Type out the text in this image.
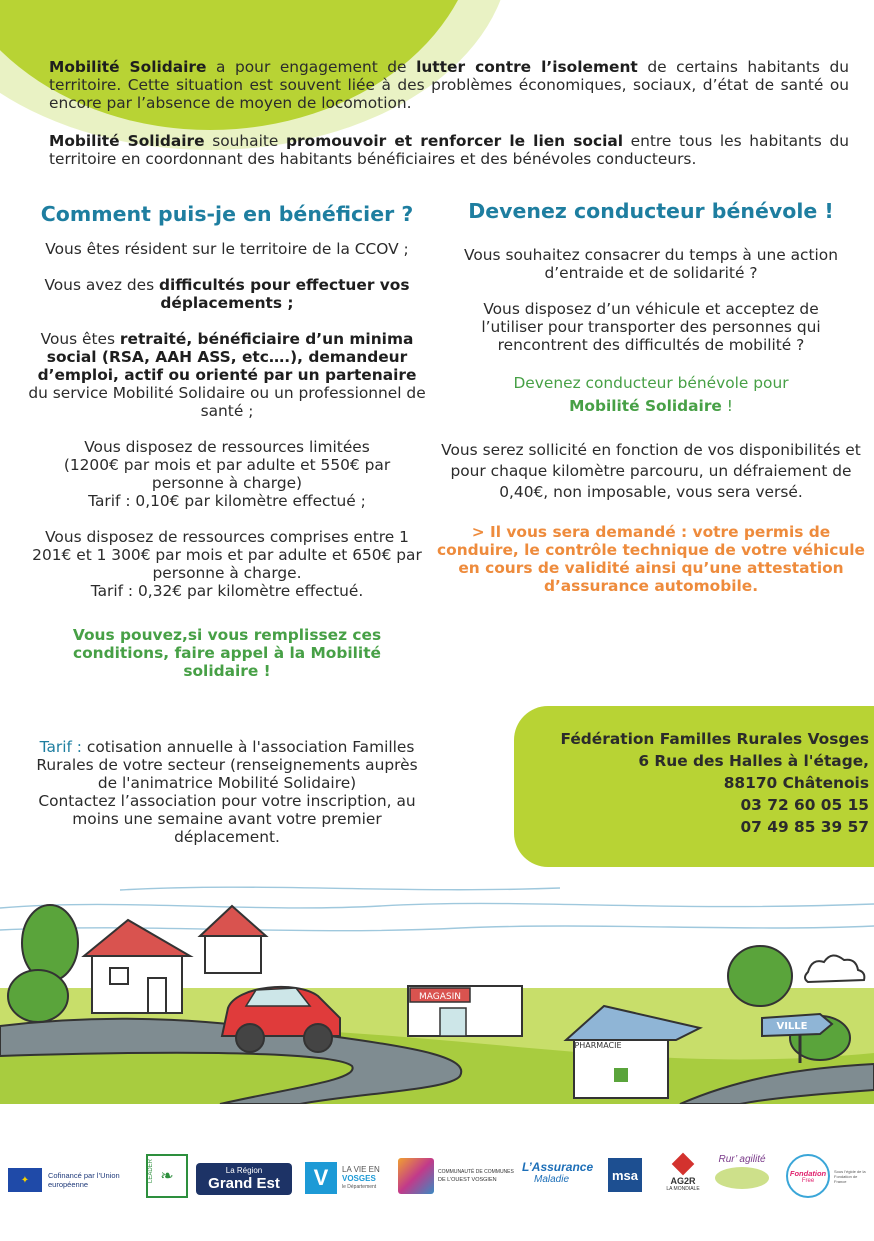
Mobilité Solidaire a pour engagement de lutter contre l’isolement de certains habitants du territoire. Cette situation est souvent liée à des problèmes économiques, sociaux, d’état de santé ou encore par l’absence de moyen de locomotion.

Mobilité Solidaire souhaite promouvoir et renforcer le lien social entre tous les habitants du territoire en coordonnant des habitants bénéficiaires et des bénévoles conducteurs.

Comment puis-je en bénéficier ?

Vous êtes résident sur le territoire de la CCOV ;

Vous avez des difficultés pour effectuer vos déplacements ;

Vous êtes retraité, bénéficiaire d’un minima social (RSA, AAH ASS, etc….), demandeur d’emploi, actif ou orienté par un partenaire du service Mobilité Solidaire ou un professionnel de santé ;

Vous disposez de ressources limitées
(1200€ par mois et par adulte et 550€ par personne à charge)
Tarif : 0,10€ par kilomètre effectué ;

Vous disposez de ressources comprises entre 1 201€ et 1 300€ par mois et par adulte et 650€ par personne à charge.
Tarif : 0,32€ par kilomètre effectué.

Vous pouvez,si vous remplissez ces conditions, faire appel à la Mobilité solidaire !

Tarif : cotisation annuelle à l'association Familles Rurales de votre secteur (renseignements auprès de l'animatrice Mobilité Solidaire)
Contactez l’association pour votre inscription, au moins une semaine avant votre premier déplacement.
Devenez conducteur bénévole !

Vous souhaitez consacrer du temps à une action d’entraide et de solidarité ?

Vous disposez d’un véhicule et acceptez de l’utiliser pour transporter des personnes qui rencontrent des difficultés de mobilité ?

Devenez conducteur bénévole pour
Mobilité Solidaire !

Vous serez sollicité en fonction de vos disponibilités et pour chaque kilomètre parcouru, un défraiement de 0,40€, non imposable, vous sera versé.

> Il vous sera demandé : votre permis de conduire, le contrôle technique de votre véhicule en cours de validité ainsi qu’une attestation d’assurance automobile.

Fédération Familles Rurales Vosges
6 Rue des Halles à l'étage,
88170 Châtenois
03 72 60 05 15
07 49 85 39 57
MAGASIN
PHARMACIE
VILLE
✦	Cofinancé par l’Union européenne	❧
LEADER	La Région
Grand Est	V	LA VIE EN
VOSGES
le Département
COMMUNAUTÉ DE COMMUNES
DE L’OUEST VOSGIEN
L’Assurance
Maladie	msa	AG2R
LA MONDIALE
Rur’ agilité
Fondation
Free
Sous l’égide de la Fondation de France
